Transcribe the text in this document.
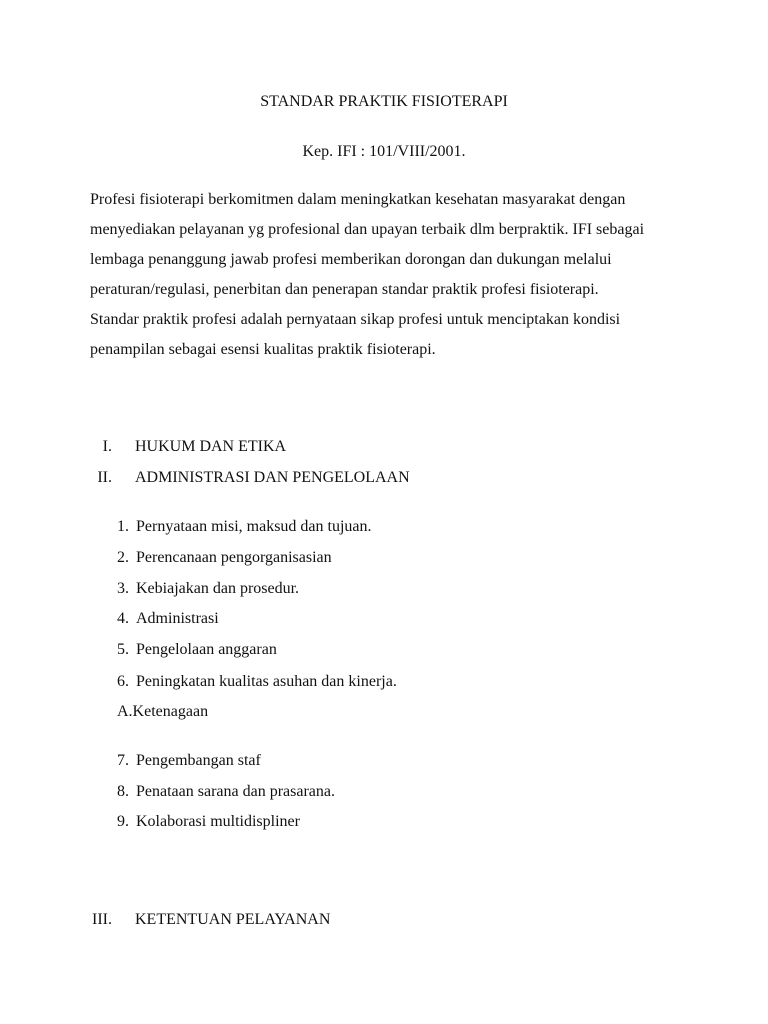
STANDAR PRAKTIK FISIOTERAPI
Kep. IFI : 101/VIII/2001.
Profesi fisioterapi berkomitmen dalam meningkatkan kesehatan masyarakat dengan
menyediakan pelayanan yg profesional dan upayan terbaik dlm berpraktik. IFI sebagai
lembaga penanggung jawab profesi memberikan dorongan dan dukungan melalui
peraturan/regulasi, penerbitan dan penerapan standar praktik profesi fisioterapi.
Standar praktik profesi adalah pernyataan sikap profesi untuk menciptakan kondisi
penampilan sebagai esensi kualitas praktik fisioterapi.
I. HUKUM DAN ETIKA
II. ADMINISTRASI DAN PENGELOLAAN
1. Pernyataan misi, maksud dan tujuan.
2. Perencanaan pengorganisasian
3. Kebiajakan dan prosedur.
4. Administrasi
5. Pengelolaan anggaran
6. Peningkatan kualitas asuhan dan kinerja.
A.Ketenagaan
7. Pengembangan staf
8. Penataan sarana dan prasarana.
9. Kolaborasi multidispliner
III. KETENTUAN PELAYANAN
